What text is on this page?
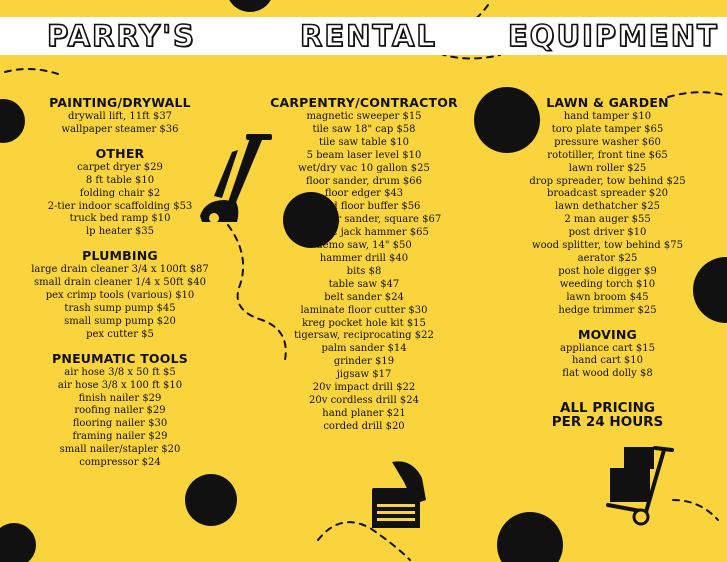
PARRY'S	RENTAL EQUIPMENT
PAINTING/DRYWALL
drywall lift, 11ft $37
wallpaper steamer $36
OTHER
carpet dryer $29
8 ft table $10
folding chair $2
2-tier indoor scaffolding $53
truck bed ramp $10
lp heater $35
PLUMBING
large drain cleaner 3/4 x 100ft $87
small drain cleaner 1/4 x 50ft $40
pex crimp tools (various) $10
trash sump pump $45
small sump pump $20
pex cutter $5
PNEUMATIC TOOLS
air hose 3/8 x 50 ft $5
air hose 3/8 x 100 ft $10
finish nailer $29
roofing nailer $29
flooring nailer $30
framing nailer $29
small nailer/stapler $20
compressor $24
CARPENTRY/CONTRACTOR
magnetic sweeper $15
tile saw 18" cap $58
tile saw table $10
5 beam laser level $10
wet/dry vac 10 gallon $25
floor sander, drum $66
floor edger $43
round floor buffer $56
essex floor sander, square $67
electric jack hammer $65
demo saw, 14" $50
hammer drill $40
bits $8
table saw $47
belt sander $24
laminate floor cutter $30
kreg pocket hole kit $15
tigersaw, reciprocating $22
palm sander $14
grinder $19
jigsaw $17
20v impact drill $22
20v cordless drill $24
hand planer $21
corded drill $20
LAWN & GARDEN
hand tamper $10
toro plate tamper $65
pressure washer $60
rototiller, front tine $65
lawn roller $25
drop spreader, tow behind $25
broadcast spreader $20
lawn dethatcher $25
2 man auger $55
post driver $10
wood splitter, tow behind $75
aerator $25
post hole digger $9
weeding torch $10
lawn broom $45
hedge trimmer $25
MOVING
appliance cart $15
hand cart $10
flat wood dolly $8
ALL PRICING
PER 24 HOURS
